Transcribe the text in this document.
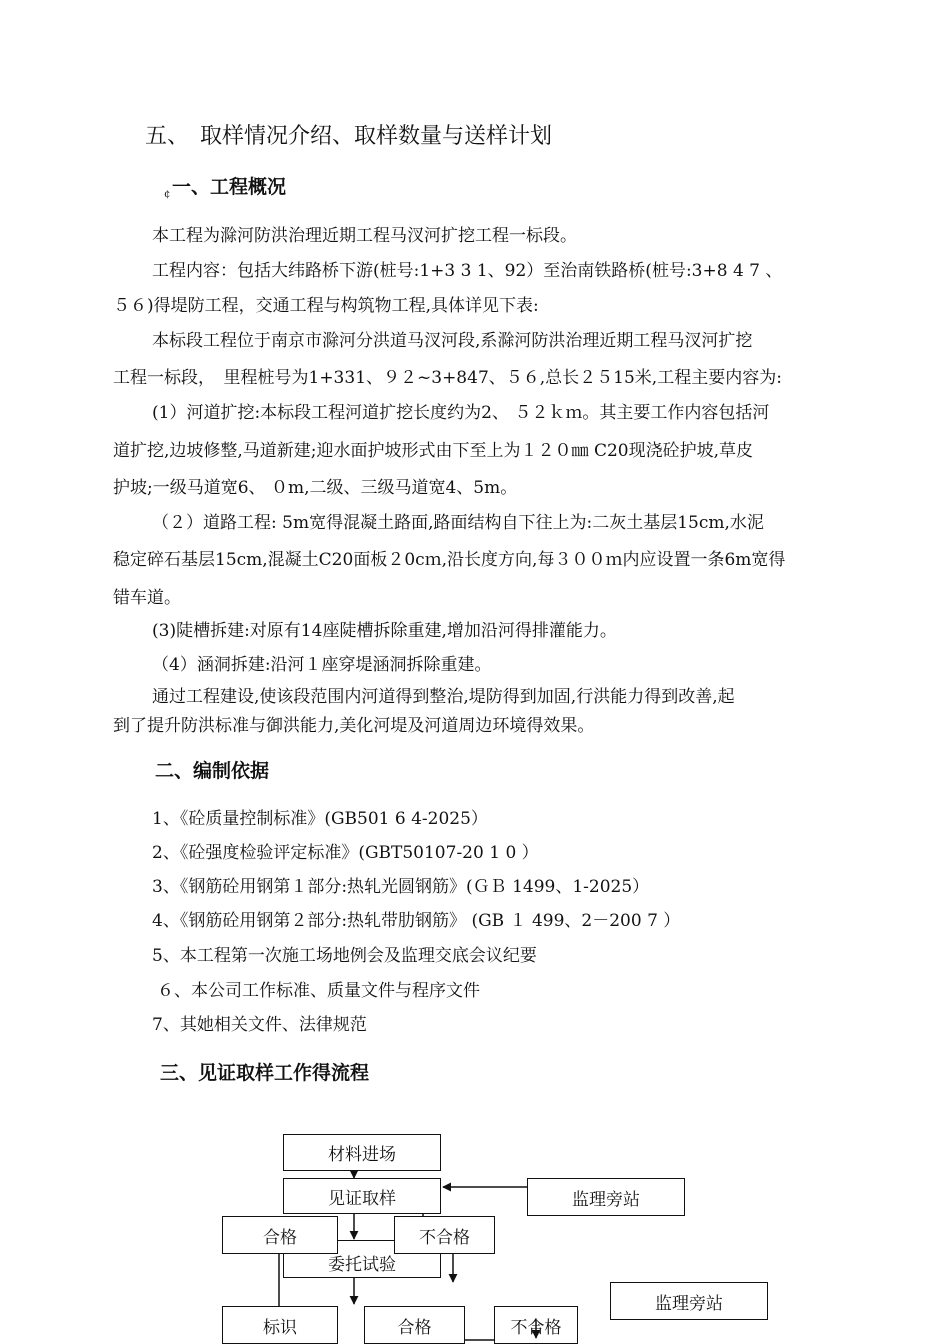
五、　取样情况介绍、取样数量与送样计划
¢ 一、工程概况
本工程为滁河防洪治理近期工程马汊河扩挖工程一标段。
工程内容：包括大纬路桥下游(桩号:1+3 3 1、92）至治南铁路桥(桩号:3+8 4 7 、
５６)得堤防工程，交通工程与构筑物工程,具体详见下表:
本标段工程位于南京市滁河分洪道马汊河段,系滁河防洪治理近期工程马汊河扩挖
工程一标段，　里程桩号为1+331、９２~3+847、５６,总长２５15米,工程主要内容为:
(1）河道扩挖:本标段工程河道扩挖长度约为2、 ５２ｋｍ。其主要工作内容包括河
道扩挖,边坡修整,马道新建;迎水面护坡形式由下至上为１２０㎜ C20现浇砼护坡,草皮
护坡;一级马道宽6、 ０m,二级、三级马道宽4、5m。
（２）道路工程: 5m宽得混凝土路面,路面结构自下往上为:二灰土基层15cm,水泥
稳定碎石基层15cm,混凝土C20面板２0cｍ,沿长度方向,每３００ｍ内应设置一条6m宽得
错车道。
(3)陡槽拆建:对原有14座陡槽拆除重建,增加沿河得排灌能力。
（4）涵洞拆建:沿河１座穿堤涵洞拆除重建。
通过工程建设,使该段范围内河道得到整治,堤防得到加固,行洪能力得到改善,起
到了提升防洪标准与御洪能力,美化河堤及河道周边环境得效果。
二、编制依据
1、《砼质量控制标准》(GB501 6 4-2025）
2、《砼强度检验评定标准》(GBT50107-20 1 0 ）
3、《钢筋砼用钢第１部分:热轧光圆钢筋》(ＧＢ 1499、1-2025）
4、《钢筋砼用钢第２部分:热轧带肋钢筋》 (GB １ 499、2－200 7 ）
5、本工程第一次施工场地例会及监理交底会议纪要
６、本公司工作标准、质量文件与程序文件
7、其她相关文件、法律规范
三、见证取样工作得流程
材料进场
见证取样	监理旁站
委托试验
合格	不合格
监理旁站
标识	合格	不合格
